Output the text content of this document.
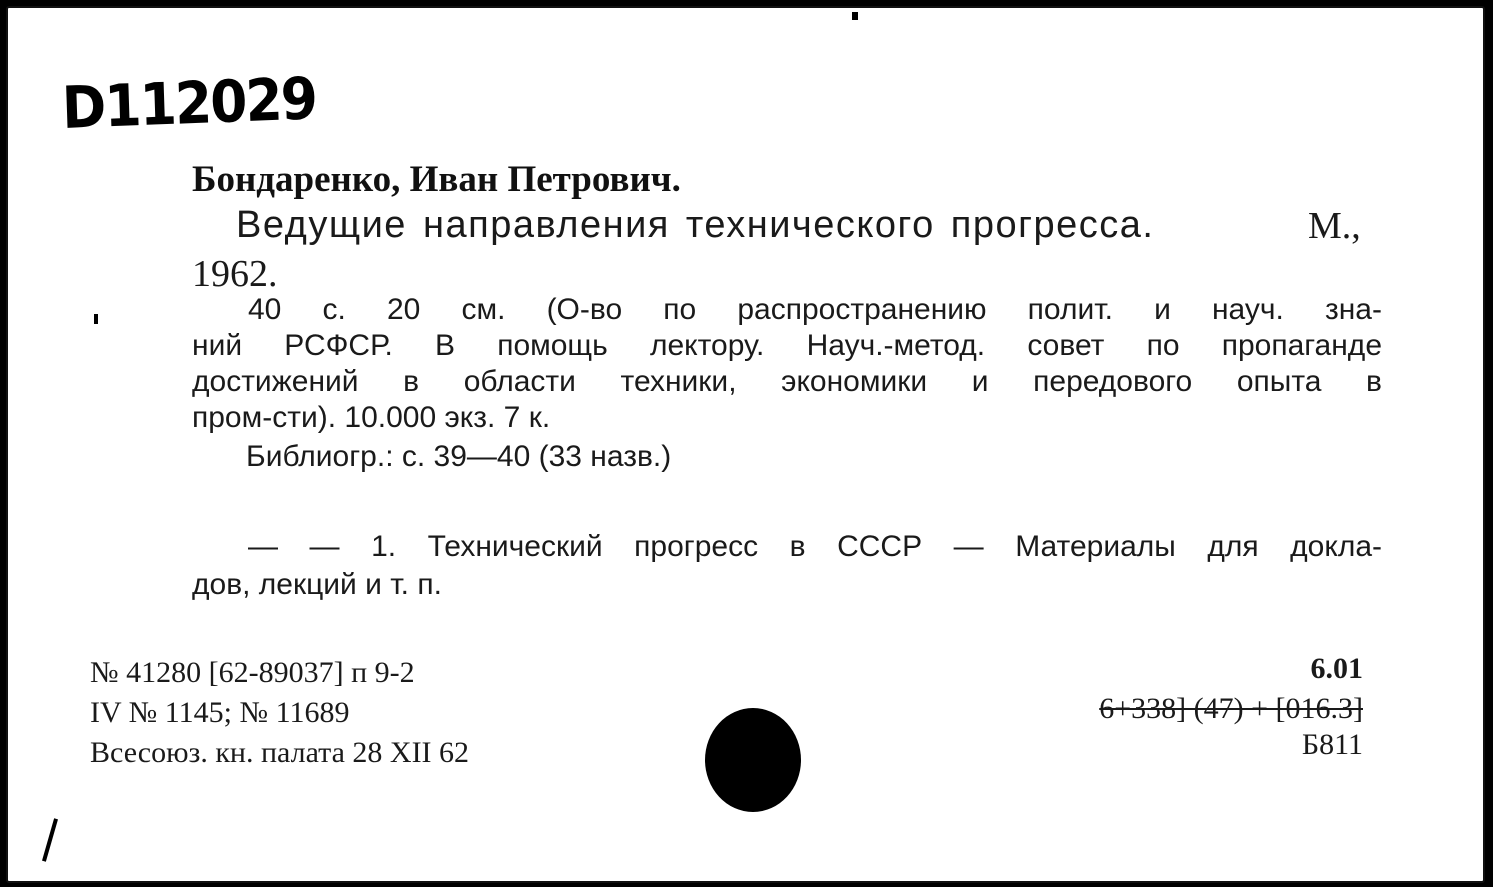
D112029
Бондаренко, Иван Петрович.
Ведущие направления технического прогресса.	М.,
1962.
40 с. 20 см. (О-во по распространению полит. и науч. зна-
ний РСФСР. В помощь лектору. Науч.-метод. совет по пропаганде
достижений в области техники, экономики и передового опыта в
пром-сти). 10.000 экз. 7 к.
Библиогр.: с. 39—40 (33 назв.)
— — 1. Технический прогресс в СССР — Материалы для докла-
дов, лекций и т. п.
№ 41280 [62-89037] п 9-2
IV № 1145; № 11689
Всесоюз. кн. палата 28 XII 62
6.01
6+338] (47) + [016.3]
Б811
